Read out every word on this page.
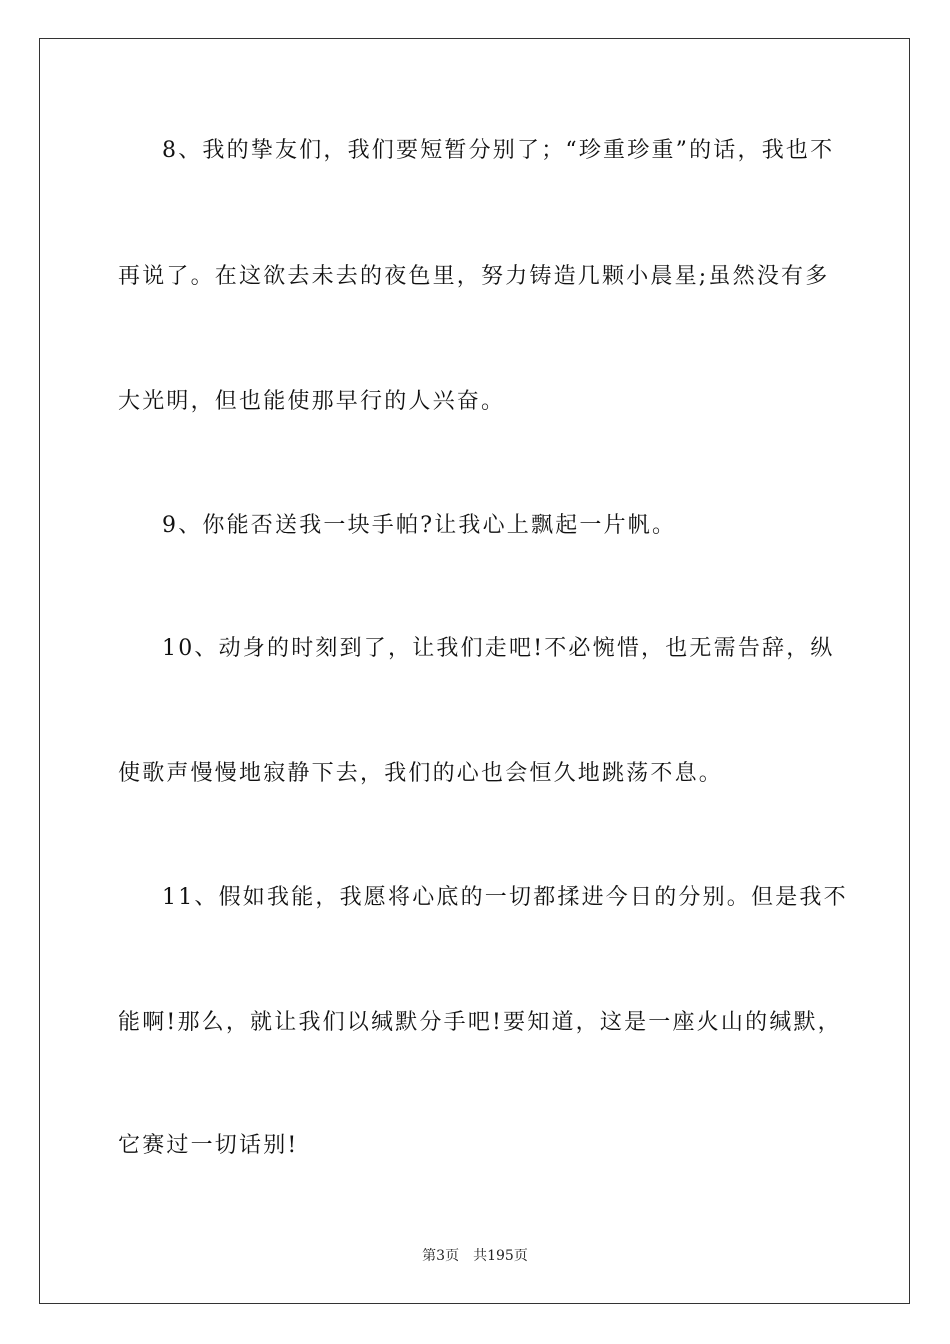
8、我的挚友们，我们要短暂分别了；“珍重珍重”的话，我也不
再说了。在这欲去未去的夜色里，努力铸造几颗小晨星;虽然没有多
大光明，但也能使那早行的人兴奋。
9、你能否送我一块手帕?让我心上飘起一片帆。
10、动身的时刻到了，让我们走吧!不必惋惜，也无需告辞，纵
使歌声慢慢地寂静下去，我们的心也会恒久地跳荡不息。
11、假如我能，我愿将心底的一切都揉进今日的分别。但是我不
能啊!那么，就让我们以缄默分手吧!要知道，这是一座火山的缄默，
它赛过一切话别!
第3页 共195页
